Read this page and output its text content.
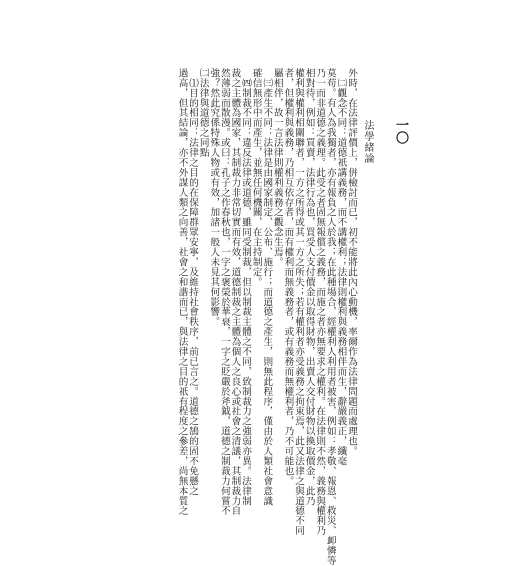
一〇
法學緒論
外時，在法律評價上，併檢討而已，初不能將此內心動機，率爾作為法律問題而處理也。
　㈡觀念不同：道德祇講義務，而不講權利；法律則權利與義務相伴而生，辭嚴義正，纖毫
莫苟。有人為我獨者，亦有報負之人於我；在此種場合，經權利人利用者被害，例如：孝敬、報恩、救災、卹憐等
乃一而非道德之義理。此受之者固無報償之義務，而施之者亦無要求之權利。在法律則不然，義務與權利乃
相對待，例如：買賣，法律行為也，買受人支付價金以取得財物，出賣人交付財物以換取價金，此乃
權利與權利相關聯者，一方之所得或其一方之所失；若有權利者亦受義務之拘束焉，此又法律之與道德不同
者，但權利與義務，乃相互依存者，而有權利而無義務者，或有義務而無權利者，乃不可能也。
屬相伴，故一言法律則權利義務之觀念生焉。
　㈢產生不同：法律是由國家制定、公布、施行；而道德之產生，則無此程序，僅由於人類社會意識
確信無形中而產生，並無任何機關，在主持制定。
　㈣制裁不同：違反法律或道德，雖同受制裁，但以制裁主體之不同，致制裁力之強弱亦異。法律制
裁之主體為國家，其制裁力非常切實而有效，道德制裁之主體為個人之良心或社會之清議，其制裁力自
然薄弱而散漫。或曰：孔子之作春秋也，一字之褒榮於華衰，一字之貶嚴於斧鉞，道德之制裁力何嘗不
強？然此究係特殊人物或有效，加諸一般人未見其何影響。
㈡法律與道德之同點
　⑴目的相同：法律之目的在保障群眾安寧，及維持社會秩序，前已言之。道德之鵠的固不免懸之
過高，但其結論，亦不外謀人類之向善，社會之和諧而已，與法律之目的祇有程度之參差，尚無本質之
